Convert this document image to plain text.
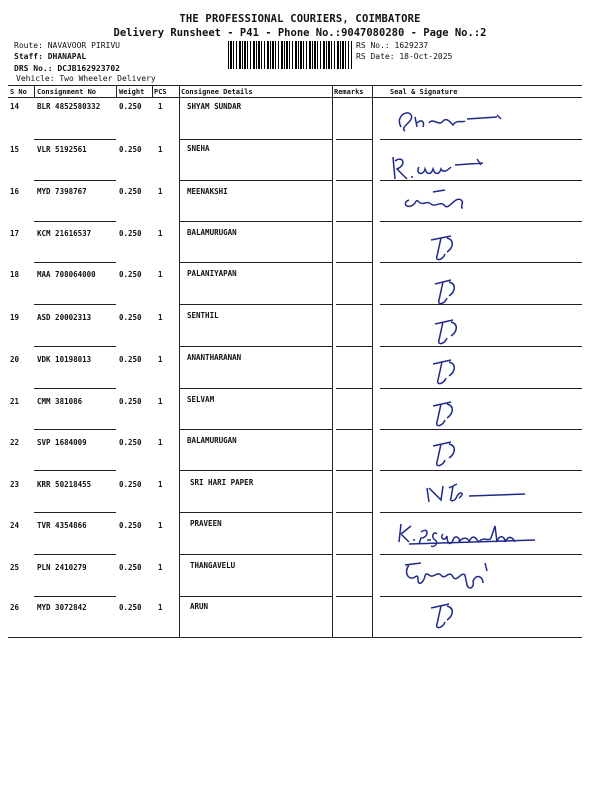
THE PROFESSIONAL COURIERS, COIMBATORE
Delivery Runsheet - P41 - Phone No.:9047080280 - Page No.:2
Route: NAVAVOOR PIRIVU
Staff: DHANAPAL
DRS No.: DCJB162923702
Vehicle: Two Wheeler Delivery
RS No.: 1629237
RS Date: 18-Oct-2025
S No Consignment No	Weight PCS Consignee Details	Remarks	Seal & Signature
14 BLR 4852580332	0.250 1	SHYAM SUNDAR
15 VLR 5192561	0.250 1	SNEHA
16 MYD 7398767	0.250 1	MEENAKSHI
17 KCM 21616537	0.250 1	BALAMURUGAN
18 MAA 708064000	0.250 1	PALANIYAPAN
19 ASD 20002313	0.250 1	SENTHIL
20 VDK 10198013	0.250 1	ANANTHARANAN
21 CMM 381086	0.250 1	SELVAM
22 SVP 1684009	0.250 1	BALAMURUGAN
23 KRR 50218455	0.250 1	SRI HARI PAPER
24 TVR 4354866	0.250 1	PRAVEEN
25 PLN 2410279	0.250 1	THANGAVELU
26 MYD 3072842	0.250 1	ARUN
